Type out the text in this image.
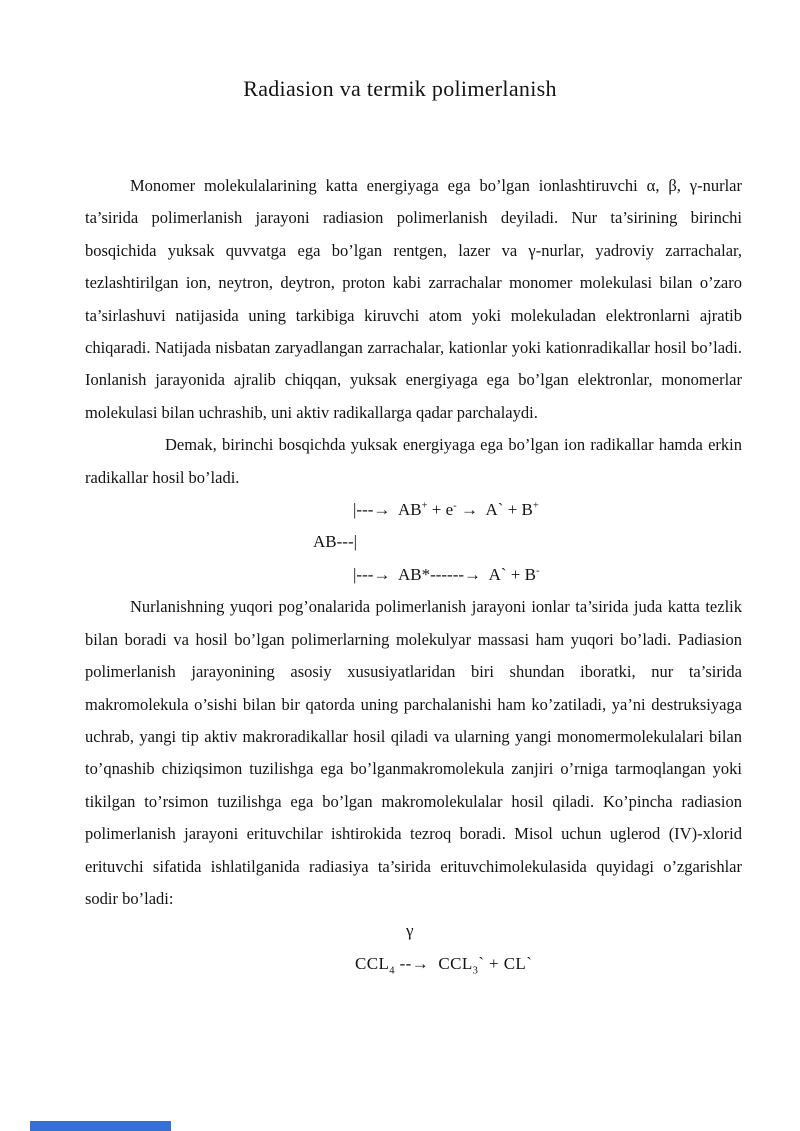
Radiasion va termik polimerlanish

Monomer molekulalarining katta energiyaga ega bo’lgan ionlashtiruvchi α, β, γ-nurlar ta’sirida polimerlanish jarayoni radiasion polimerlanish deyiladi. Nur ta’sirining birinchi bosqichida yuksak quvvatga ega bo’lgan rentgen, lazer va γ-nurlar, yadroviy zarrachalar, tezlashtirilgan ion, neytron, deytron, proton kabi zarrachalar monomer molekulasi bilan o’zaro ta’sirlashuvi natijasida uning tarkibiga kiruvchi atom yoki molekuladan elektronlarni ajratib chiqaradi. Natijada nisbatan zaryadlangan zarrachalar, kationlar yoki kationradikallar hosil bo’ladi. Ionlanish jarayonida ajralib chiqqan, yuksak energiyaga ega bo’lgan elektronlar, monomerlar molekulasi bilan uchrashib, uni aktiv radikallarga qadar parchalaydi.

Demak, birinchi bosqichda yuksak energiyaga ega bo’lgan ion radikallar hamda erkin radikallar hosil bo’ladi.

|---→  AB+ + e- →  A` + B+
AB---|
|---→  AB*------→  A` + B-

Nurlanishning yuqori pog’onalarida polimerlanish jarayoni ionlar ta’sirida juda katta tezlik bilan boradi va hosil bo’lgan polimerlarning molekulyar massasi ham yuqori bo’ladi. Padiasion polimerlanish jarayonining asosiy xususiyatlaridan biri shundan iboratki, nur ta’sirida makromolekula o’sishi bilan bir qatorda uning parchalanishi ham ko’zatiladi, ya’ni destruksiyaga uchrab, yangi tip aktiv makroradikallar hosil qiladi va ularning yangi monomermolekulalari bilan to’qnashib chiziqsimon tuzilishga ega bo’lganmakromolekula zanjiri o’rniga tarmoqlangan yoki tikilgan to’rsimon tuzilishga ega bo’lgan makromolekulalar hosil qiladi. Ko’pincha radiasion polimerlanish jarayoni erituvchilar ishtirokida tezroq boradi. Misol uchun uglerod (IV)-xlorid erituvchi sifatida ishlatilganida radiasiya ta’sirida erituvchimolekulasida quyidagi o’zgarishlar sodir bo’ladi:

γ
$CCL_4$ --→  $CCL_3`$ + CL`
